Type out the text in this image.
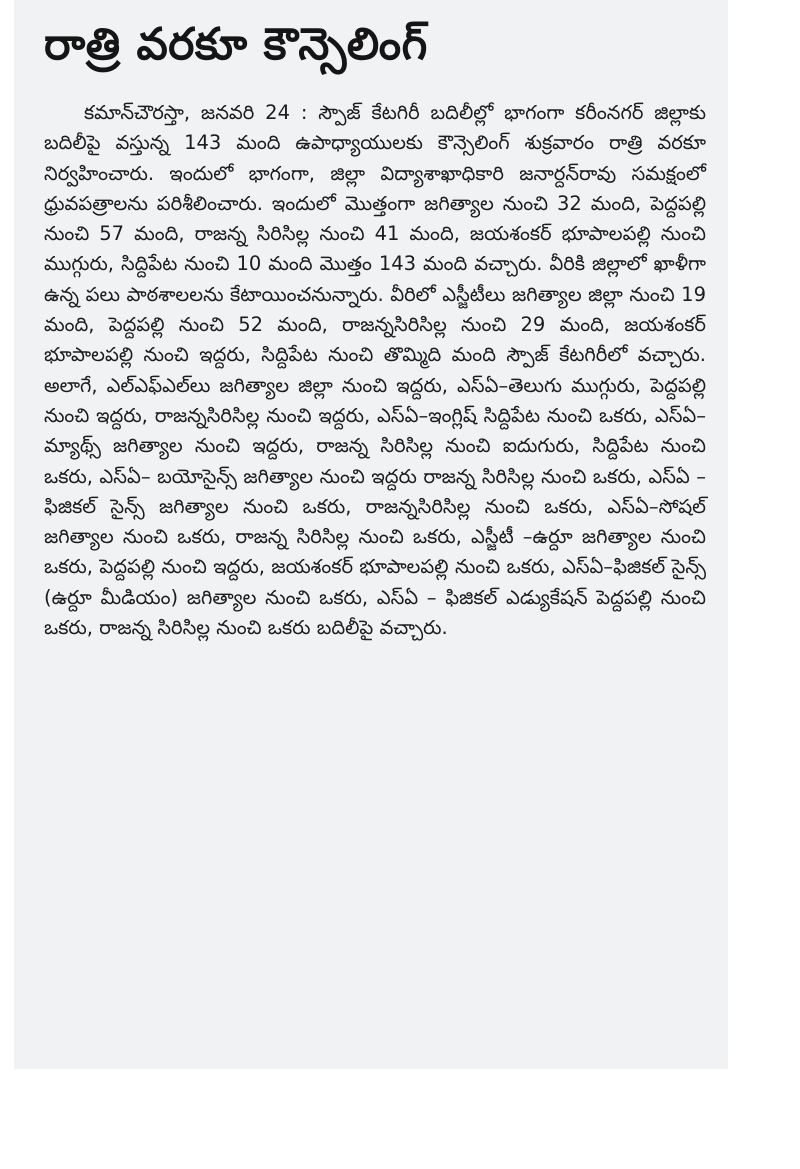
రాత్రి వరకూ కౌన్సెలింగ్

కమాన్‌చౌరస్తా, జనవరి 24 : స్పౌజ్ కేటగిరీ బదిలీల్లో భాగంగా కరీంనగర్ జిల్లాకు బదిలీపై వస్తున్న 143 మంది ఉపాధ్యాయులకు కౌన్సెలింగ్ శుక్రవారం రాత్రి వరకూ నిర్వహించారు. ఇందులో భాగంగా, జిల్లా విద్యాశాఖాధికారి జనార్దన్‌రావు సమక్షంలో ధ్రువపత్రాలను పరిశీలించారు. ఇందులో మొత్తంగా జగిత్యాల నుంచి 32 మంది, పెద్దపల్లి నుంచి 57 మంది, రాజన్న సిరిసిల్ల నుంచి 41 మంది, జయశంకర్ భూపాలపల్లి నుంచి ముగ్గురు, సిద్దిపేట నుంచి 10 మంది మొత్తం 143 మంది వచ్చారు. వీరికి జిల్లాలో ఖాళీగా ఉన్న పలు పాఠశాలలను కేటాయించనున్నారు. వీరిలో ఎస్జీటీలు జగిత్యాల జిల్లా నుంచి 19 మంది, పెద్దపల్లి నుంచి 52 మంది, రాజన్నసిరిసిల్ల నుంచి 29 మంది, జయశంకర్ భూపాలపల్లి నుంచి ఇద్దరు, సిద్దిపేట నుంచి తొమ్మిది మంది స్పౌజ్ కేటగిరీలో వచ్చారు. అలాగే, ఎల్ఎఫ్ఎల్‌లు జగిత్యాల జిల్లా నుంచి ఇద్దరు, ఎస్ఏ–తెలుగు ముగ్గురు, పెద్దపల్లి నుంచి ఇద్దరు, రాజన్నసిరిసిల్ల నుంచి ఇద్దరు, ఎస్ఏ–ఇంగ్లిష్ సిద్దిపేట నుంచి ఒకరు, ఎస్ఏ–మ్యాథ్స్ జగిత్యాల నుంచి ఇద్దరు, రాజన్న సిరిసిల్ల నుంచి ఐదుగురు, సిద్దిపేట నుంచి ఒకరు, ఎస్ఏ– బయోసైన్స్ జగిత్యాల నుంచి ఇద్దరు రాజన్న సిరిసిల్ల నుంచి ఒకరు, ఎస్ఏ – ఫిజికల్ సైన్స్ జగిత్యాల నుంచి ఒకరు, రాజన్నసిరిసిల్ల నుంచి ఒకరు, ఎస్ఏ–సోషల్ జగిత్యాల నుంచి ఒకరు, రాజన్న సిరిసిల్ల నుంచి ఒకరు, ఎస్జీటీ –ఉర్దూ జగిత్యాల నుంచి ఒకరు, పెద్దపల్లి నుంచి ఇద్దరు, జయశంకర్ భూపాలపల్లి నుంచి ఒకరు, ఎస్ఏ–ఫిజికల్ సైన్స్ (ఉర్దూ మీడియం) జగిత్యాల నుంచి ఒకరు, ఎస్ఏ – ఫిజికల్ ఎడ్యుకేషన్ పెద్దపల్లి నుంచి ఒకరు, రాజన్న సిరిసిల్ల నుంచి ఒకరు బదిలీపై వచ్చారు.
